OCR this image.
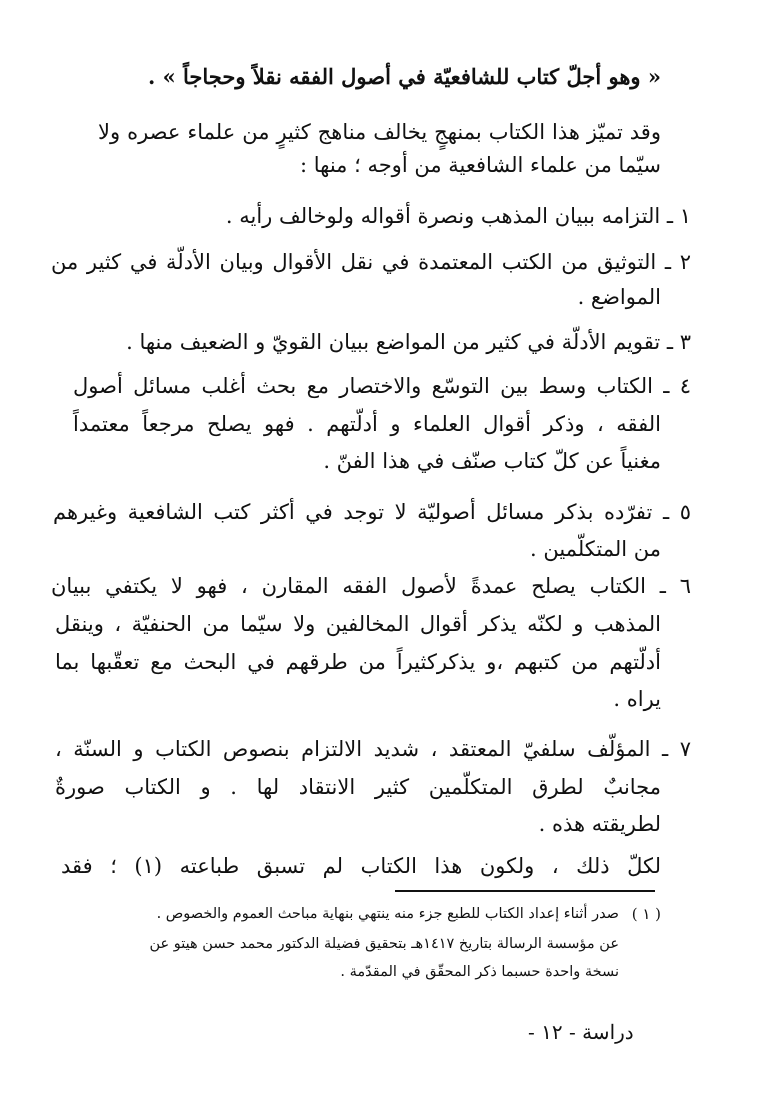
« وهو أجلّ كتاب للشافعيّة في أصول الفقه نقلاً وحجاجاً » .
وقد تميّز هذا الكتاب بمنهجٍ يخالف مناهج كثيرٍ من علماء عصره ولا
سيّما من علماء الشافعية من أوجه ؛ منها :
١ ـ التزامه ببيان المذهب ونصرة أقواله ولوخالف رأيه .
٢ ـ التوثيق من الكتب المعتمدة في نقل الأقوال وبيان الأدلّة في كثير من
المواضع .
٣ ـ تقويم الأدلّة في كثير من المواضع ببيان القويّ و الضعيف منها .
٤ ـ الكتاب وسط بين التوسّع والاختصار مع بحث أغلب مسائل أصول
الفقه ، وذكر أقوال العلماء و أدلّتهم . فهو يصلح مرجعاً معتمداً
مغنياً عن كلّ كتاب صنّف في هذا الفنّ .
٥ ـ تفرّده بذكر مسائل أصوليّة لا توجد في أكثر كتب الشافعية وغيرهم
من المتكلّمين .
٦ ـ الكتاب يصلح عمدةً لأصول الفقه المقارن ، فهو لا يكتفي ببيان
المذهب و لكنّه يذكر أقوال المخالفين ولا سيّما من الحنفيّة ، وينقل
أدلّتهم من كتبهم ،و يذكركثيراً من طرقهم في البحث مع تعقّبها بما
يراه .
٧ ـ المؤلّف سلفيّ المعتقد ، شديد الالتزام بنصوص الكتاب و السنّة ،
مجانبٌ لطرق المتكلّمين كثير الانتقاد لها . و الكتاب صورةٌ
لطريقته هذه .
لكلّ ذلك ، ولكون هذا الكتاب لم تسبق طباعته (١) ؛ فقد
( ١ )
صدر أثناء إعداد الكتاب للطبع جزء منه ينتهي بنهاية مباحث العموم والخصوص .
عن مؤسسة الرسالة بتاريخ ١٤١٧هـ بتحقيق فضيلة الدكتور محمد حسن هيتو عن
نسخة واحدة حسبما ذكر المحقّق في المقدّمة .
دراسة - ١٢ -
